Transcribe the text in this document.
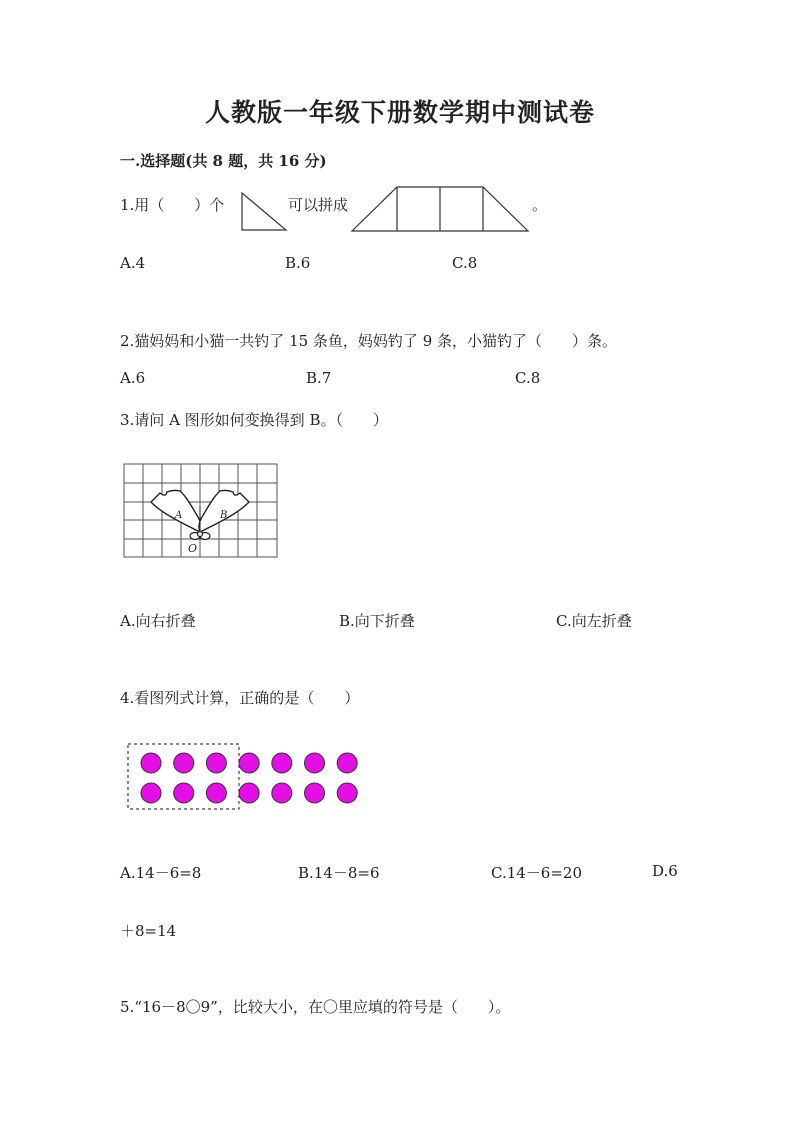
人教版一年级下册数学期中测试卷
一.选择题(共 8 题，共 16 分)
1.用（　　）个	可以拼成	。
A.4	B.6	C.8
2.猫妈妈和小猫一共钓了 15 条鱼，妈妈钓了 9 条，小猫钓了（　　）条。
A.6	B.7	C.8
3.请问 A 图形如何变换得到 B。（　　）
A	B
O
A.向右折叠	B.向下折叠	C.向左折叠
4.看图列式计算，正确的是（　　）
A.14－6=8	B.14－8=6	C.14－6=20	D.6
＋8=14
5.“16－8〇9”，比较大小，在〇里应填的符号是（　　）。
